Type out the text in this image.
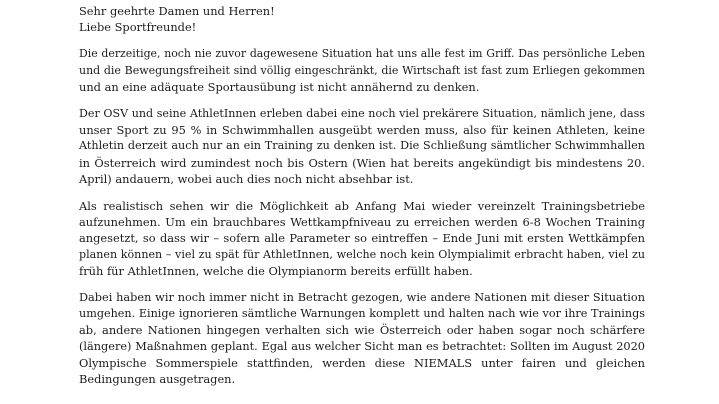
Sehr geehrte Damen und Herren!
Liebe Sportfreunde!
Die derzeitige, noch nie zuvor dagewesene Situation hat uns alle fest im Griff. Das persönliche Leben
und die Bewegungsfreiheit sind völlig eingeschränkt, die Wirtschaft ist fast zum Erliegen gekommen
und an eine adäquate Sportausübung ist nicht annähernd zu denken.
Der OSV und seine AthletInnen erleben dabei eine noch viel prekärere Situation, nämlich jene, dass
unser Sport zu 95 % in Schwimmhallen ausgeübt werden muss, also für keinen Athleten, keine
Athletin derzeit auch nur an ein Training zu denken ist. Die Schließung sämtlicher Schwimmhallen
in Österreich wird zumindest noch bis Ostern (Wien hat bereits angekündigt bis mindestens 20.
April) andauern, wobei auch dies noch nicht absehbar ist.
Als realistisch sehen wir die Möglichkeit ab Anfang Mai wieder vereinzelt Trainingsbetriebe
aufzunehmen. Um ein brauchbares Wettkampfniveau zu erreichen werden 6-8 Wochen Training
angesetzt, so dass wir – sofern alle Parameter so eintreffen – Ende Juni mit ersten Wettkämpfen
planen können – viel zu spät für AthletInnen, welche noch kein Olympialimit erbracht haben, viel zu
früh für AthletInnen, welche die Olympianorm bereits erfüllt haben.
Dabei haben wir noch immer nicht in Betracht gezogen, wie andere Nationen mit dieser Situation
umgehen. Einige ignorieren sämtliche Warnungen komplett und halten nach wie vor ihre Trainings
ab, andere Nationen hingegen verhalten sich wie Österreich oder haben sogar noch schärfere
(längere) Maßnahmen geplant. Egal aus welcher Sicht man es betrachtet: Sollten im August 2020
Olympische Sommerspiele stattfinden, werden diese NIEMALS unter fairen und gleichen
Bedingungen ausgetragen.
